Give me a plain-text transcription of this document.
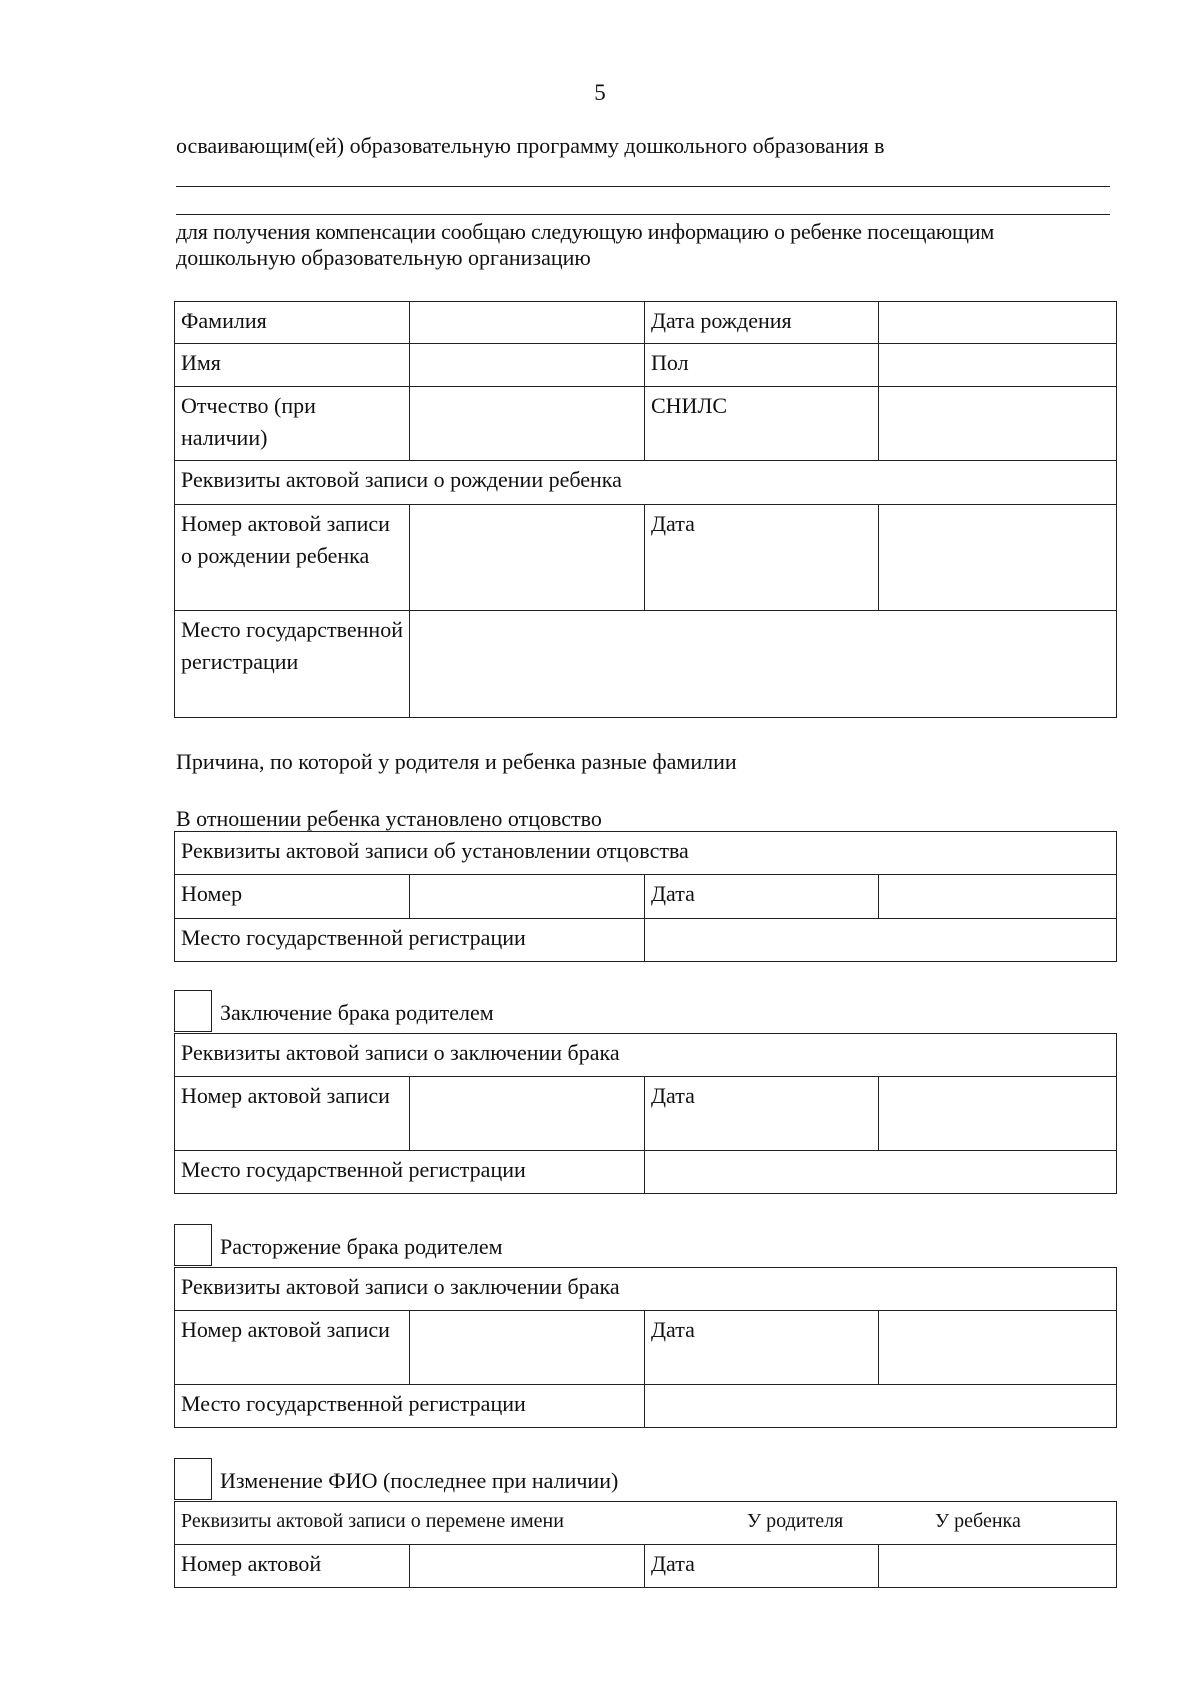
5
осваивающим(ей) образовательную программу дошкольного образования в
для получения компенсации сообщаю следующую информацию о ребенке посещающим
дошкольную образовательную организацию
Фамилия		Дата рождения	
Имя		Пол	
Отчество (при наличии)		СНИЛС	
Реквизиты актовой записи о рождении ребенка			
Номер актовой записи о рождении ребенка		Дата	
Место государственной регистрации			
Причина, по которой у родителя и ребенка разные фамилии
В отношении ребенка установлено отцовство
Реквизиты актовой записи об установлении отцовства			
Номер		Дата	
Место государственной регистрации			
Заключение брака родителем
Реквизиты актовой записи о заключении брака			
Номер актовой записи		Дата	
Место государственной регистрации			
Расторжение брака родителем
Реквизиты актовой записи о заключении брака			
Номер актовой записи		Дата	
Место государственной регистрации			
Изменение ФИО (последнее при наличии)
Реквизиты актовой записи о перемене имени	У родителя	У ребенка

Номер актовой		Дата	
